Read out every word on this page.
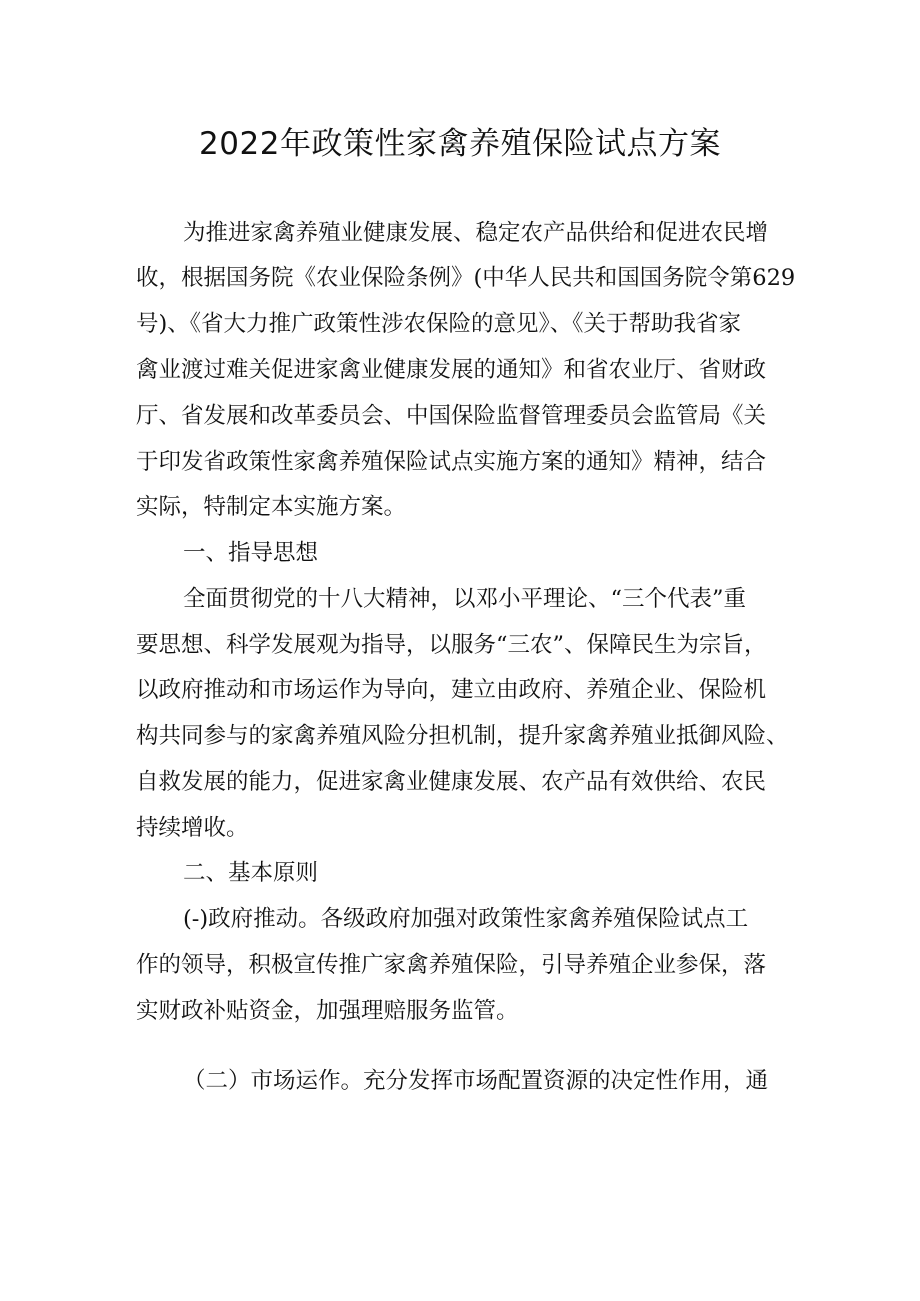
2022年政策性家禽养殖保险试点方案

为推进家禽养殖业健康发展、稳定农产品供给和促进农民增

收，根据国务院《农业保险条例》(中华人民共和国国务院令第629

号)、《省大力推广政策性涉农保险的意见》、《关于帮助我省家

禽业渡过难关促进家禽业健康发展的通知》和省农业厅、省财政

厅、省发展和改革委员会、中国保险监督管理委员会监管局《关

于印发省政策性家禽养殖保险试点实施方案的通知》精神，结合

实际，特制定本实施方案。

一、指导思想

全面贯彻党的十八大精神，以邓小平理论、“三个代表”重

要思想、科学发展观为指导，以服务“三农”、保障民生为宗旨，

以政府推动和市场运作为导向，建立由政府、养殖企业、保险机

构共同参与的家禽养殖风险分担机制，提升家禽养殖业抵御风险、

自救发展的能力，促进家禽业健康发展、农产品有效供给、农民

持续增收。

二、基本原则

(-)政府推动。各级政府加强对政策性家禽养殖保险试点工

作的领导，积极宣传推广家禽养殖保险，引导养殖企业参保，落

实财政补贴资金，加强理赔服务监管。

（二）市场运作。充分发挥市场配置资源的决定性作用，通
